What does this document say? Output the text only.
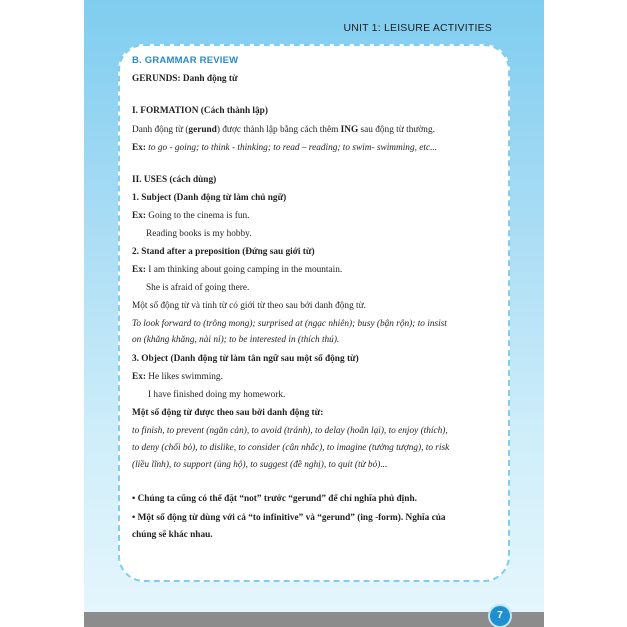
UNIT 1: LEISURE ACTIVITIES
B. GRAMMAR REVIEW
GERUNDS: Danh động từ
I. FORMATION (Cách thành lập)
Danh động từ (gerund) được thành lập bằng cách thêm ING sau động từ thường.
Ex: to go - going; to think - thinking; to read – reading; to swim- swimming, etc...
II. USES (cách dùng)
1. Subject (Danh động từ làm chủ ngữ)
Ex: Going to the cinema is fun.
Reading books is my hobby.
2. Stand after a preposition (Đứng sau giới từ)
Ex: I am thinking about going camping in the mountain.
She is afraid of going there.
Một số động từ và tính từ có giới từ theo sau bởi danh động từ.
To look forward to (trông mong); surprised at (ngạc nhiên); busy (bận rộn); to insist
on (khăng khăng, nài nỉ); to be interested in (thích thú).
3. Object (Danh động từ làm tân ngữ sau một số động từ)
Ex: He likes swimming.
I have finished doing my homework.
Một số động từ được theo sau bởi danh động từ:
to finish, to prevent (ngăn cản), to avoid (tránh), to delay (hoãn lại), to enjoy (thích),
to deny (chối bỏ), to dislike, to consider (cân nhắc), to imagine (tưởng tượng), to risk
(liều lĩnh), to support (ủng hộ), to suggest (đề nghị), to quit (từ bỏ)...
• Chúng ta cũng có thể đặt “not” trước “gerund” để chỉ nghĩa phủ định.
• Một số động từ dùng với cả “to infinitive” và “gerund” (ing -form). Nghĩa của
chúng sẽ khác nhau.
7
